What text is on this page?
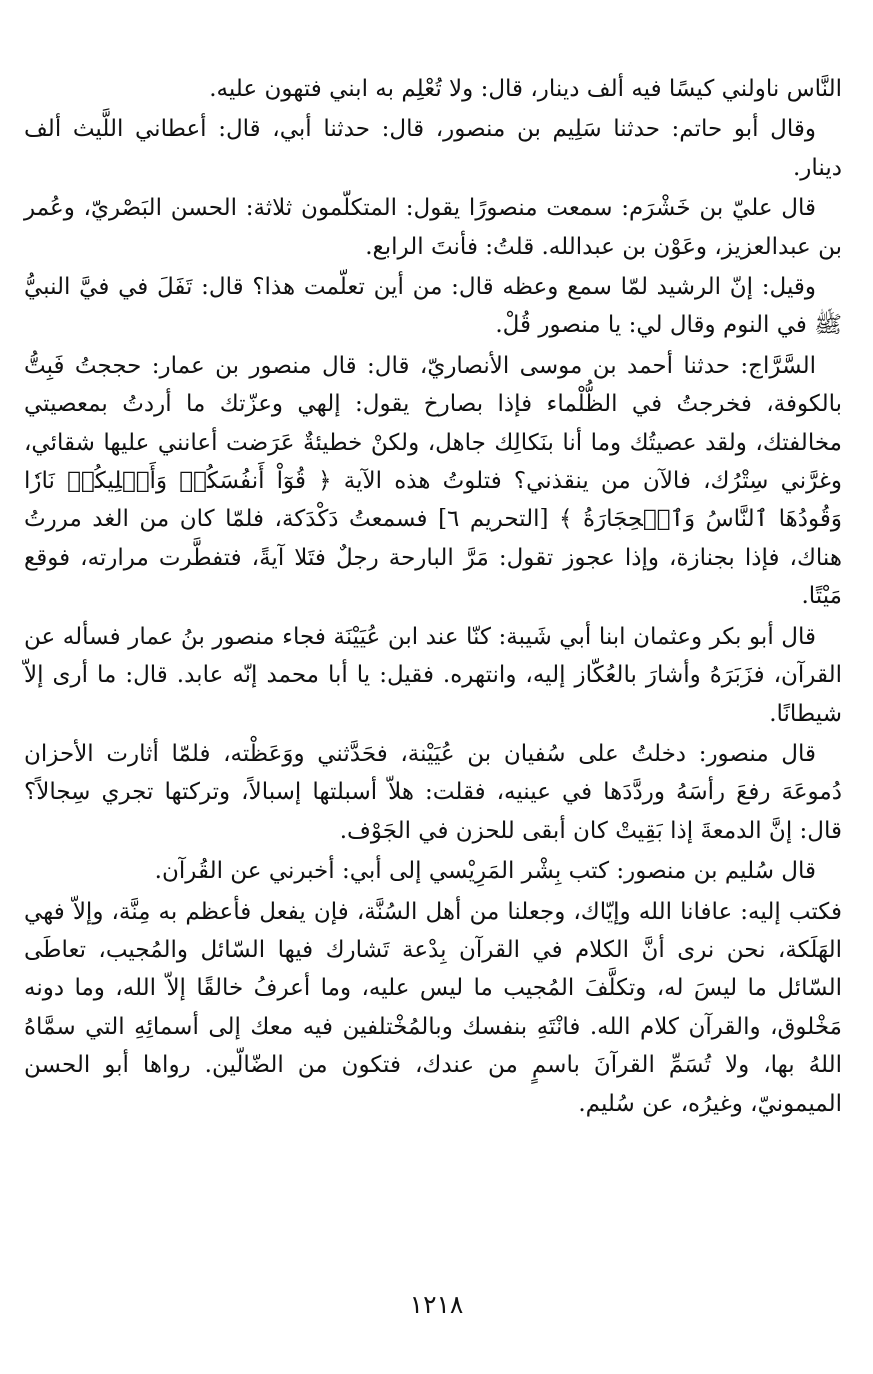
النَّاس ناولني كيسًا فيه ألف دينار، قال: ولا تُعْلِم به ابني فتهون عليه.

وقال أبو حاتم: حدثنا سَلِيم بن منصور، قال: حدثنا أبي، قال: أعطاني اللَّيث ألف دينار.

قال عليّ بن خَشْرَم: سمعت منصورًا يقول: المتكلّمون ثلاثة: الحسن البَصْريّ، وعُمر بن عبدالعزيز، وعَوْن بن عبدالله. قلتُ: فأنتَ الرابع.

وقيل: إنّ الرشيد لمّا سمع وعظه قال: من أين تعلّمت هذا؟ قال: تَفَلَ في فيَّ النبيُّ ﷺ في النوم وقال لي: يا منصور قُلْ.

السَّرَّاج: حدثنا أحمد بن موسى الأنصاريّ، قال: قال منصور بن عمار: حججتُ فَبِتُّ بالكوفة، فخرجتُ في الظُّلْماء فإذا بصارخ يقول: إلهي وعزّتك ما أردتُ بمعصيتي مخالفتك، ولقد عصيتُك وما أنا بنَكالِك جاهل، ولكنْ خطيئةٌ عَرَضت أعانني عليها شقائي، وغرَّني سِتْرُك، فالآن من ينقذني؟ فتلوتُ هذه الآية ﴿ قُوٓاْ أَنفُسَكُمۡ وَأَهۡلِيكُمۡ نَارٗا وَقُودُهَا ٱلنَّاسُ وَٱلۡحِجَارَةُ ﴾ [التحريم ٦] فسمعتُ دَكْدَكة، فلمّا كان من الغد مررتُ هناك، فإذا بجنازة، وإذا عجوز تقول: مَرَّ البارحة رجلٌ فتَلا آيةً، فتفطَّرت مرارته، فوقع مَيْتًا.

قال أبو بكر وعثمان ابنا أبي شَيبة: كنّا عند ابن عُيَيْنَة فجاء منصور بنُ عمار فسأله عن القرآن، فزَبَرَهُ وأشارَ بالعُكّاز إليه، وانتهره. فقيل: يا أبا محمد إنّه عابد. قال: ما أرى إلاّ شيطانًا.

قال منصور: دخلتُ على سُفيان بن عُيَيْنة، فحَدَّثني ووَعَظْته، فلمّا أثارت الأحزان دُموعَهَ رفعَ رأسَهُ وردَّدَها في عينيه، فقلت: هلاّ أسبلتها إسبالاً، وتركتها تجري سِجالاً؟ قال: إنَّ الدمعةَ إذا بَقِيتْ كان أبقى للحزن في الجَوْف.

قال سُليم بن منصور: كتب بِشْر المَرِيْسي إلى أبي: أخبرني عن القُرآن.

فكتب إليه: عافانا الله وإيّاك، وجعلنا من أهل السُنَّة، فإن يفعل فأعظم به مِنَّة، وإلاّ فهي الهَلَكة، نحن نرى أنَّ الكلام في القرآن بِدْعة تَشارك فيها السّائل والمُجيب، تعاطَى السّائل ما ليسَ له، وتكلَّفَ المُجيب ما ليس عليه، وما أعرفُ خالقًا إلاّ الله، وما دونه مَخْلوق، والقرآن كلام الله. فانْتَهِ بنفسك وبالمُخْتلفين فيه معك إلى أسمائِهِ التي سمَّاهُ اللهُ بها، ولا تُسَمِّ القرآنَ باسمٍ من عندك، فتكون من الضّالّين. رواها أبو الحسن الميمونيّ، وغيرُه، عن سُليم.

١٢١٨
